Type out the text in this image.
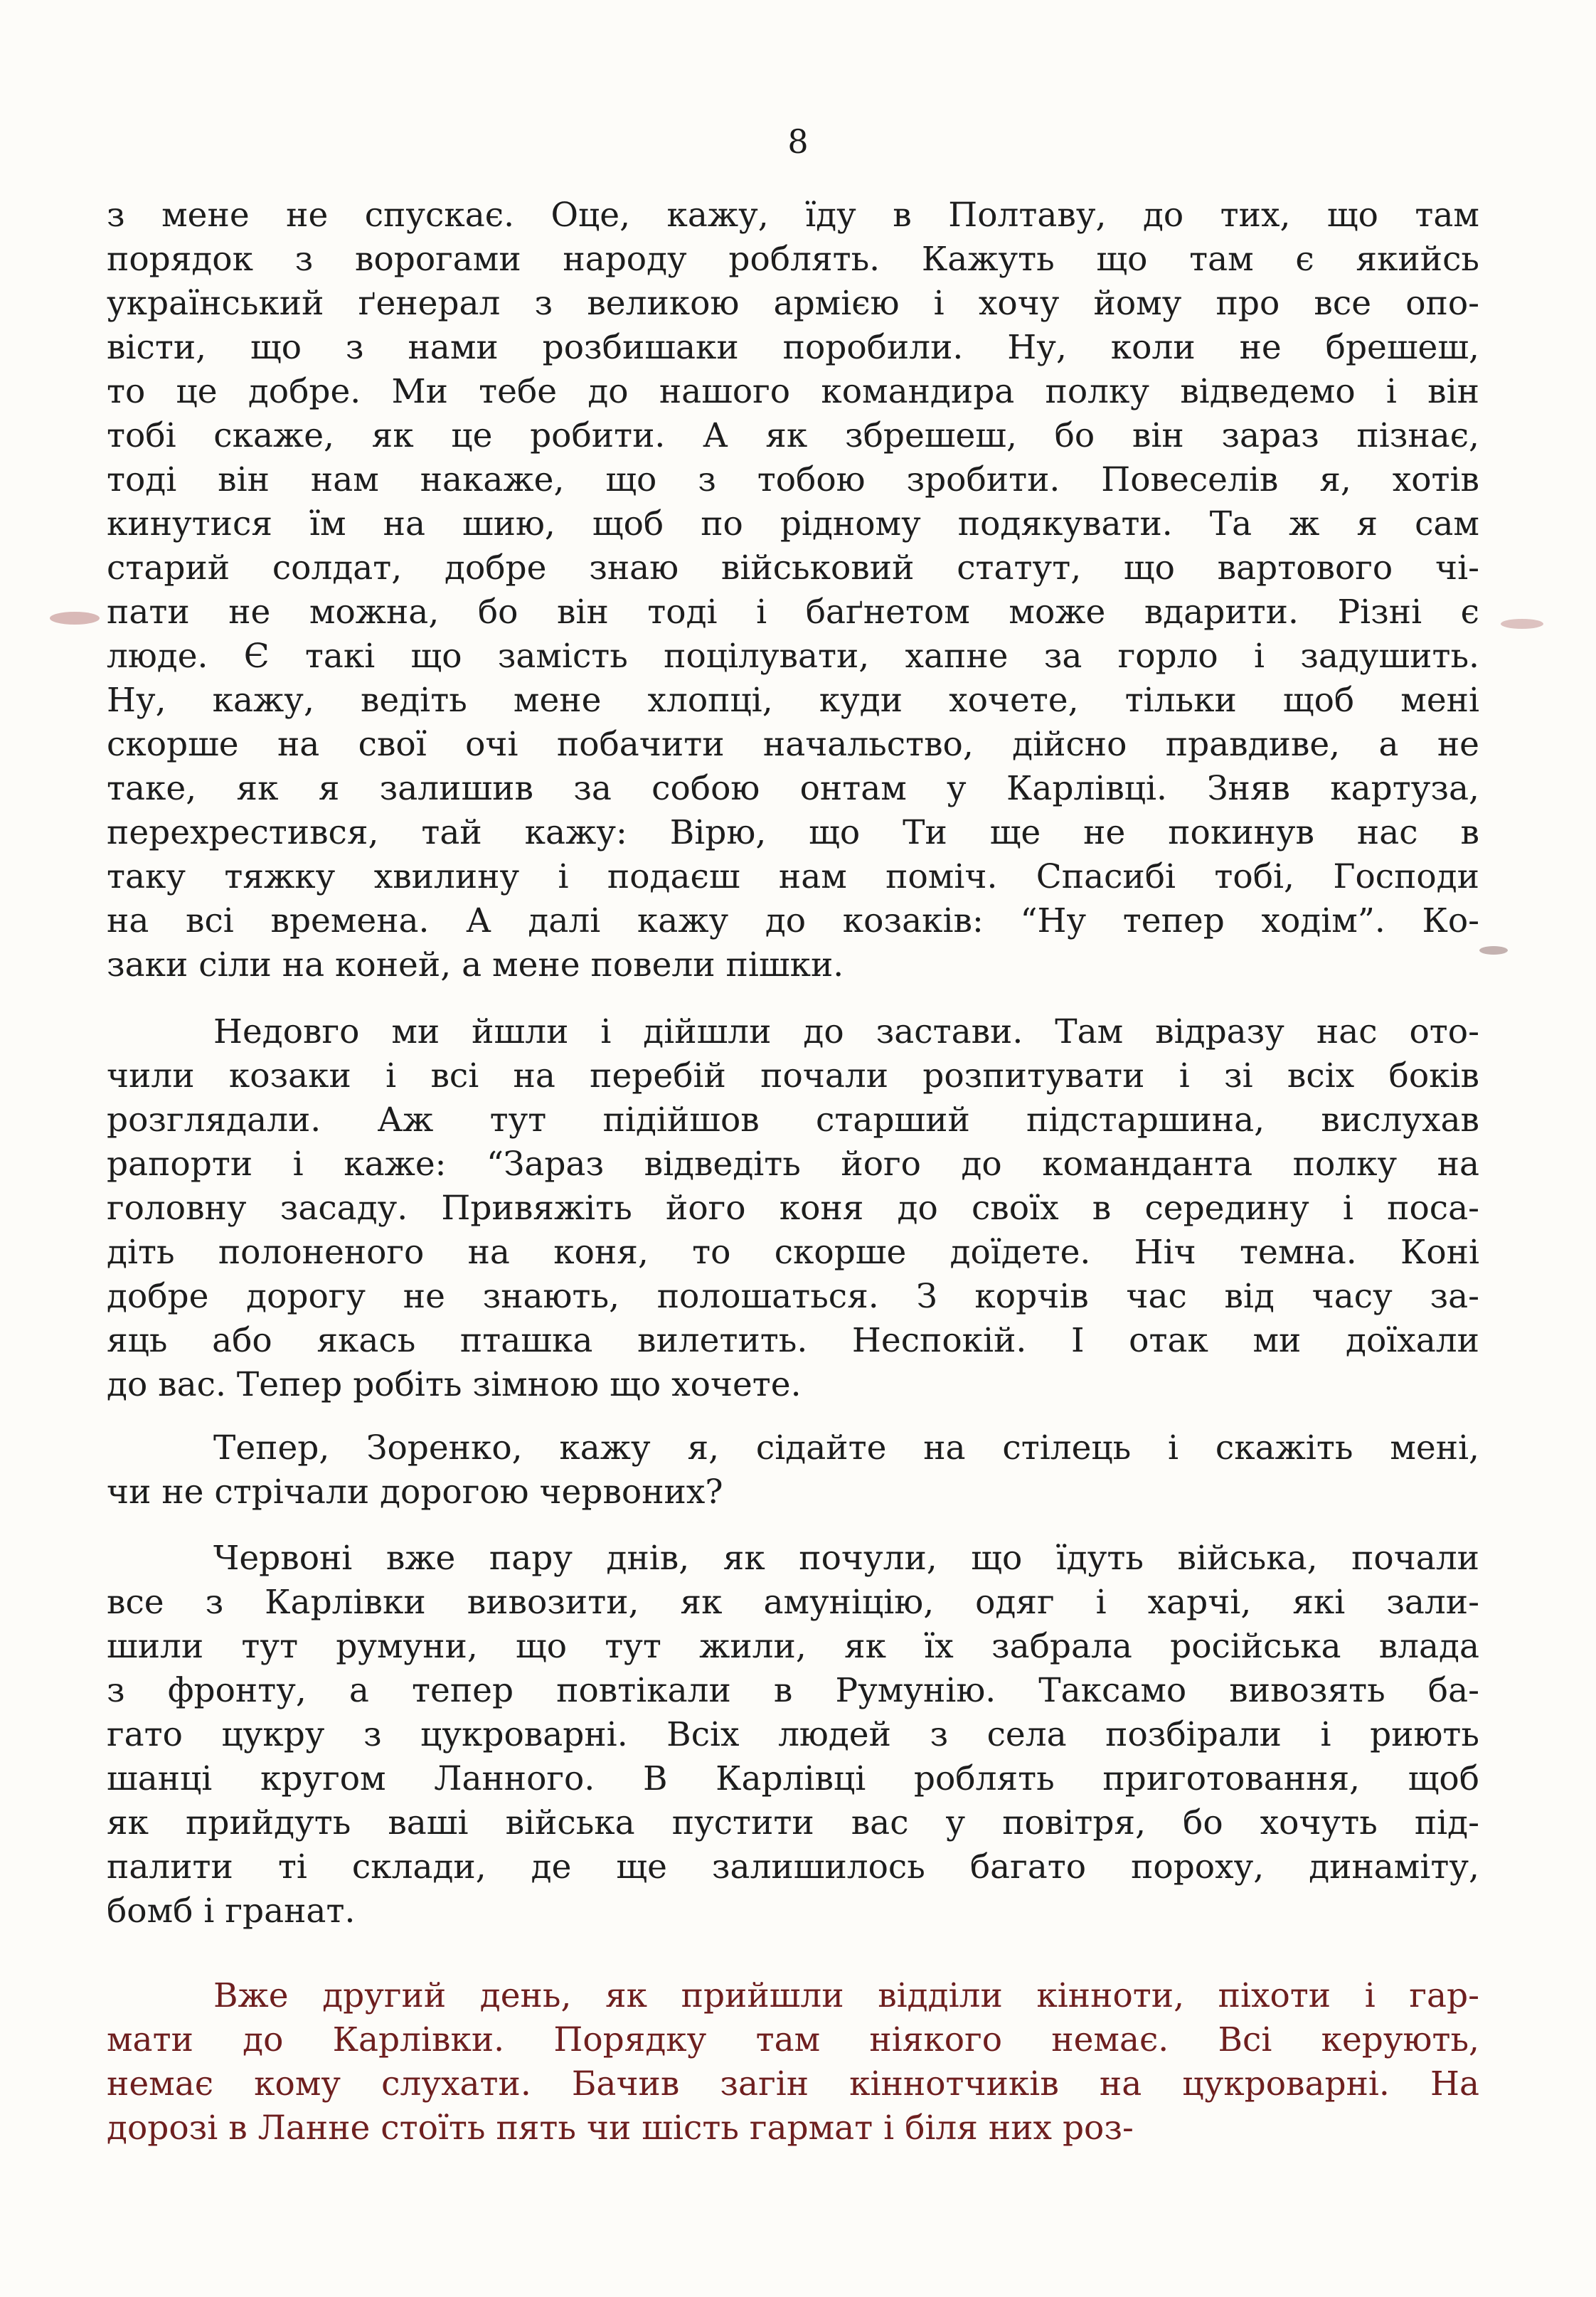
8
з мене не спускає. Оце, кажу, їду в Полтаву, до тих, що там
порядок з ворогами народу роблять. Кажуть що там є якийсь
український ґенерал з великою армією і хочу йому про все опо-
вісти, що з нами розбишаки поробили. Ну, коли не брешеш,
то це добре. Ми тебе до нашого командира полку відведемо і він
тобі скаже, як це робити. А як збрешеш, бо він зараз пізнає,
тоді він нам накаже, що з тобою зробити. Повеселів я, хотів
кинутися їм на шию, щоб по рідному подякувати. Та ж я сам
старий солдат, добре знаю військовий статут, що вартового чі-
пати не можна, бо він тоді і баґнетом може вдарити. Різні є
люде. Є такі що замість поцілувати, хапне за горло і задушить.
Ну, кажу, ведіть мене хлопці, куди хочете, тільки щоб мені
скорше на свої очі побачити начальство, дійсно правдиве, а не
таке, як я залишив за собою онтам у Карлівці. Зняв картуза,
перехрестився, тай кажу: Вірю, що Ти ще не покинув нас в
таку тяжку хвилину і подаєш нам поміч. Спасибі тобі, Господи
на всі времена. А далі кажу до козаків: “Ну тепер ходім”. Ко-
заки сіли на коней, а мене повели пішки.
Недовго ми йшли і дійшли до застави. Там відразу нас ото-
чили козаки і всі на перебій почали розпитувати і зі всіх боків
розглядали. Аж тут підійшов старший підстаршина, вислухав
рапорти і каже: “Зараз відведіть його до команданта полку на
головну засаду. Привяжіть його коня до своїх в середину і поса-
діть полоненого на коня, то скорше доїдете. Ніч темна. Коні
добре дорогу не знають, полошаться. З корчів час від часу за-
яць або якась пташка вилетить. Неспокій. І отак ми доїхали
до вас. Тепер робіть зімною що хочете.
Тепер, Зоренко, кажу я, сідайте на стілець і скажіть мені,
чи не стрічали дорогою червоних?
Червоні вже пару днів, як почули, що їдуть війська, почали
все з Карлівки вивозити, як амуніцію, одяг і харчі, які зали-
шили тут румуни, що тут жили, як їх забрала російська влада
з фронту, а тепер повтікали в Румунію. Таксамо вивозять ба-
гато цукру з цукроварні. Всіх людей з села позбірали і риють
шанці кругом Ланного. В Карлівці роблять приготовання, щоб
як прийдуть ваші війська пустити вас у повітря, бо хочуть під-
палити ті склади, де ще залишилось багато пороху, динаміту,
бомб і гранат.
Вже другий день, як прийшли відділи кінноти, піхоти і гар-
мати до Карлівки. Порядку там ніякого немає. Всі керують,
немає кому слухати. Бачив загін кіннотчиків на цукроварні. На
дорозі в Ланне стоїть пять чи шість гармат і біля них роз-
